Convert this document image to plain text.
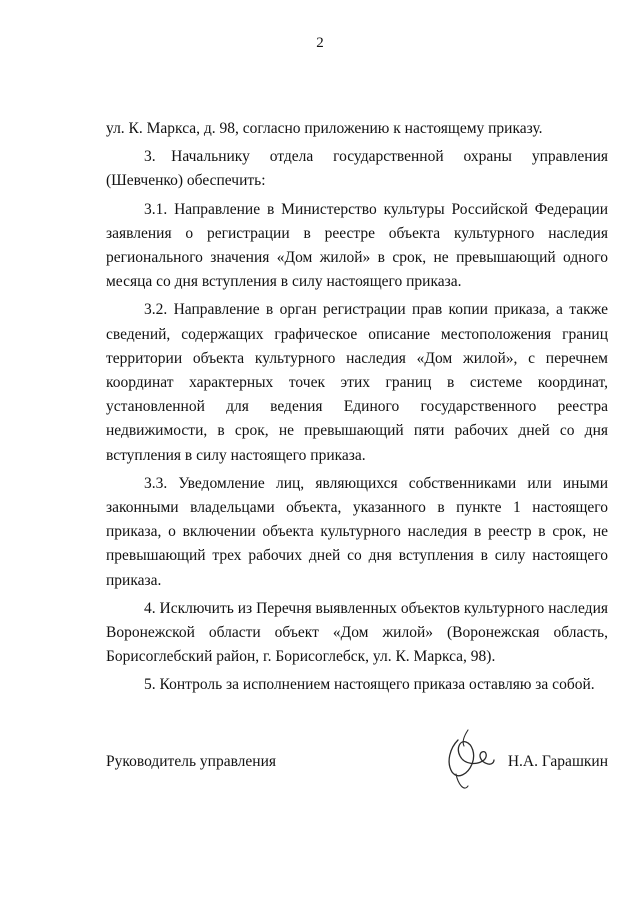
2

ул. К. Маркса, д. 98, согласно приложению к настоящему приказу.

3. Начальнику отдела государственной охраны управления (Шевченко) обеспечить:

3.1. Направление в Министерство культуры Российской Федерации заявления о регистрации в реестре объекта культурного наследия регионального значения «Дом жилой» в срок, не превышающий одного месяца со дня вступления в силу настоящего приказа.

3.2. Направление в орган регистрации прав копии приказа, а также сведений, содержащих графическое описание местоположения границ территории объекта культурного наследия «Дом жилой», с перечнем координат характерных точек этих границ в системе координат, установленной для ведения Единого государственного реестра недвижимости, в срок, не превышающий пяти рабочих дней со дня вступления в силу настоящего приказа.

3.3. Уведомление лиц, являющихся собственниками или иными законными владельцами объекта, указанного в пункте 1 настоящего приказа, о включении объекта культурного наследия в реестр в срок, не превышающий трех рабочих дней со дня вступления в силу настоящего приказа.

4. Исключить из Перечня выявленных объектов культурного наследия Воронежской области объект «Дом жилой» (Воронежская область, Борисоглебский район, г. Борисоглебск, ул. К. Маркса, 98).

5. Контроль за исполнением настоящего приказа оставляю за собой.

Руководитель управления	Н.А. Гарашкин
